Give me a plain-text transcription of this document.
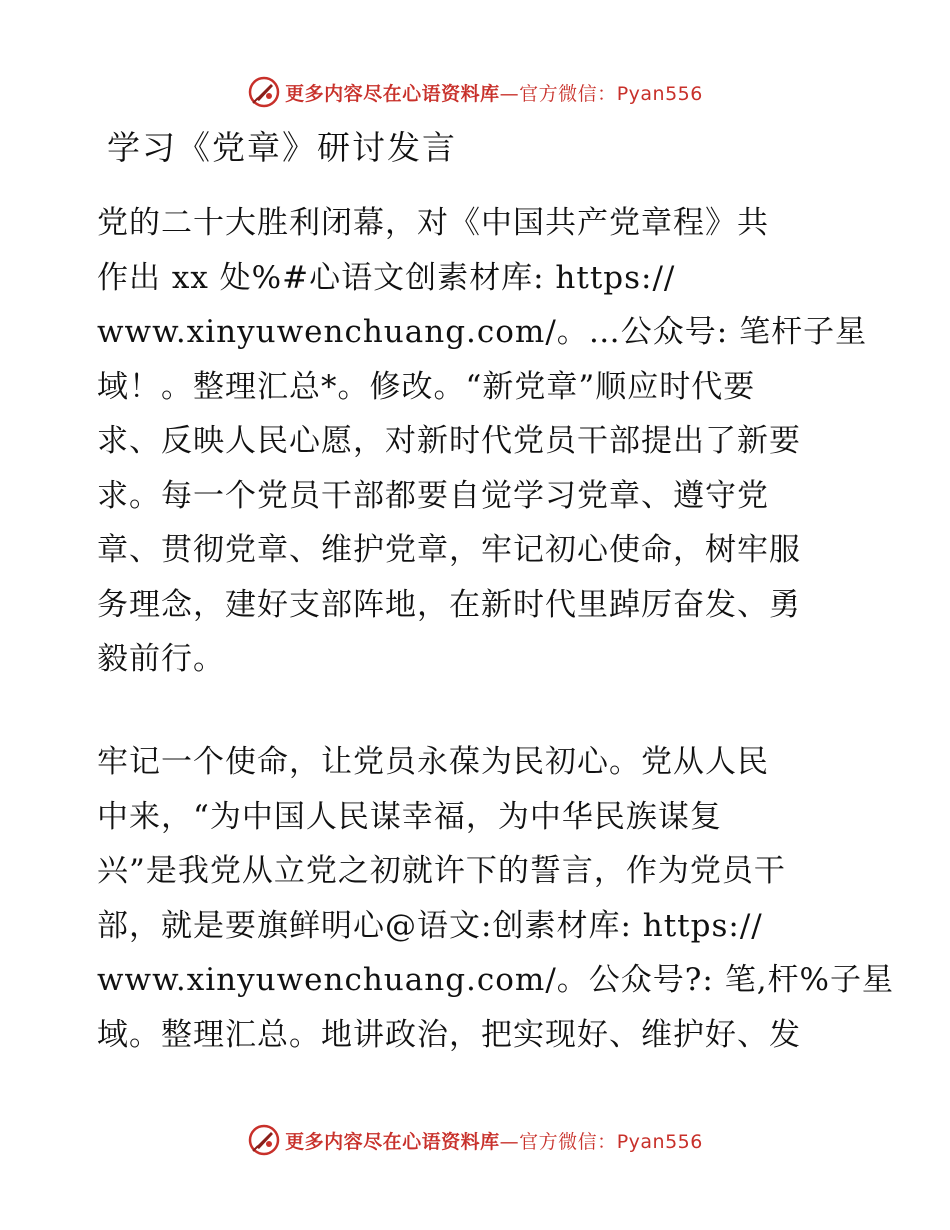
更多内容尽在心语资料库—官方微信：Pyan556
学习《党章》研讨发言
党的二十大胜利闭幕，对《中国共产党章程》共
作出 xx 处%#心语文创素材库: https://
www.xinyuwenchuang.com/。…公众号: 笔杆子星
域！。整理汇总*。修改。“新党章”顺应时代要
求、反映人民心愿，对新时代党员干部提出了新要
求。每一个党员干部都要自觉学习党章、遵守党
章、贯彻党章、维护党章，牢记初心使命，树牢服
务理念，建好支部阵地，在新时代里踔厉奋发、勇
毅前行。
牢记一个使命，让党员永葆为民初心。党从人民
中来，“为中国人民谋幸福，为中华民族谋复
兴”是我党从立党之初就许下的誓言，作为党员干
部，就是要旗鲜明心@语文:创素材库: https://
www.xinyuwenchuang.com/。公众号?: 笔,杆%子星
域。整理汇总。地讲政治，把实现好、维护好、发
更多内容尽在心语资料库—官方微信：Pyan556
